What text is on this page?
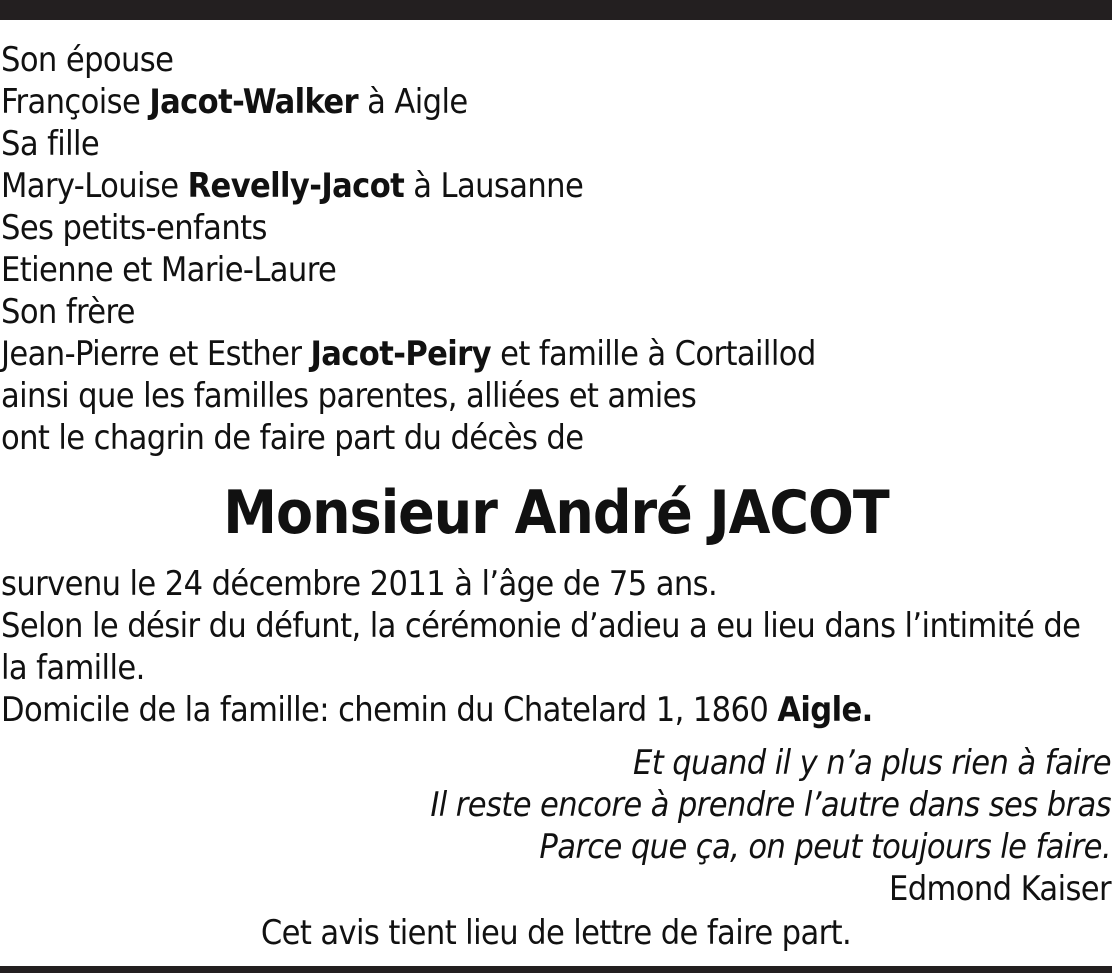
Son épouse
Françoise Jacot-Walker à Aigle
Sa fille
Mary-Louise Revelly-Jacot à Lausanne
Ses petits-enfants
Etienne et Marie-Laure
Son frère
Jean-Pierre et Esther Jacot-Peiry et famille à Cortaillod
ainsi que les familles parentes, alliées et amies
ont le chagrin de faire part du décès de
Monsieur André JACOT
survenu le 24 décembre 2011 à l’âge de 75 ans.
Selon le désir du défunt, la cérémonie d’adieu a eu lieu dans l’intimité de la famille.
Domicile de la famille: chemin du Chatelard 1, 1860 Aigle.
Et quand il y n’a plus rien à faire
Il reste encore à prendre l’autre dans ses bras
Parce que ça, on peut toujours le faire.
Edmond Kaiser
Cet avis tient lieu de lettre de faire part.
